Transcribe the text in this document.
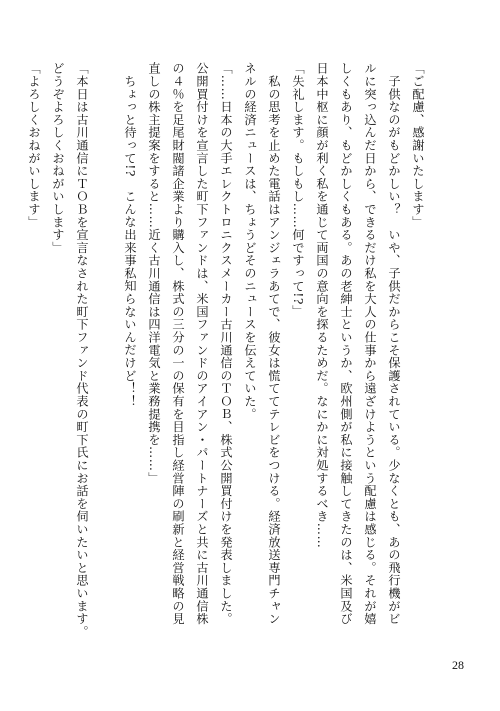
「ご配慮、感謝いたします」
　子供なのがもどかしい？　いや、子供だからこそ保護されている。少なくとも、あの飛行機がビ
ルに突っ込んだ日から、できるだけ私を大人の仕事から遠ざけようという配慮は感じる。それが嬉
しくもあり、もどかしくもある。あの老紳士というか、欧州側が私に接触してきたのは、米国及び
日本中枢に顔が利く私を通じて両国の意向を探るためだ。なにかに対処するべき……
「失礼します。もしもし……何ですって!?」
　私の思考を止めた電話はアンジェラあてで、彼女は慌ててテレビをつける。経済放送専門チャン
ネルの経済ニュースは、ちょうどそのニュースを伝えていた。
「……日本の大手エレクトロニクスメーカー古川通信のＴＯＢ、株式公開買付けを発表しました。
公開買付けを宣言した町下ファンドは、米国ファンドのアイアン・パートナーズと共に古川通信株
の４％を足尾財閥諸企業より購入し、株式の三分の一の保有を目指し経営陣の刷新と経営戦略の見
直しの株主提案をすると……近く古川通信は四洋電気と業務提携を……」
　ちょっと待って!?　こんな出来事私知らないんだけど！！
「本日は古川通信にＴＯＢを宣言なされた町下ファンド代表の町下氏にお話を伺いたいと思います。
どうぞよろしくおねがいします」
「よろしくおねがいします」
28
